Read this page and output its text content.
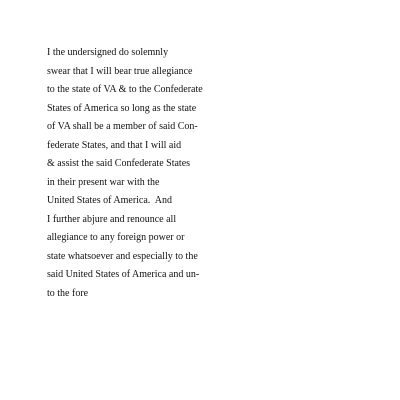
I the undersigned do solemnly
swear that I will bear true allegiance
to the state of VA & to the Confederate
States of America so long as the state
of VA shall be a member of said Con-
federate States, and that I will aid
& assist the said Confederate States
in their present war with the
United States of America.  And
I further abjure and renounce all
allegiance to any foreign power or
state whatsoever and especially to the
said United States of America and un-
to the fore
